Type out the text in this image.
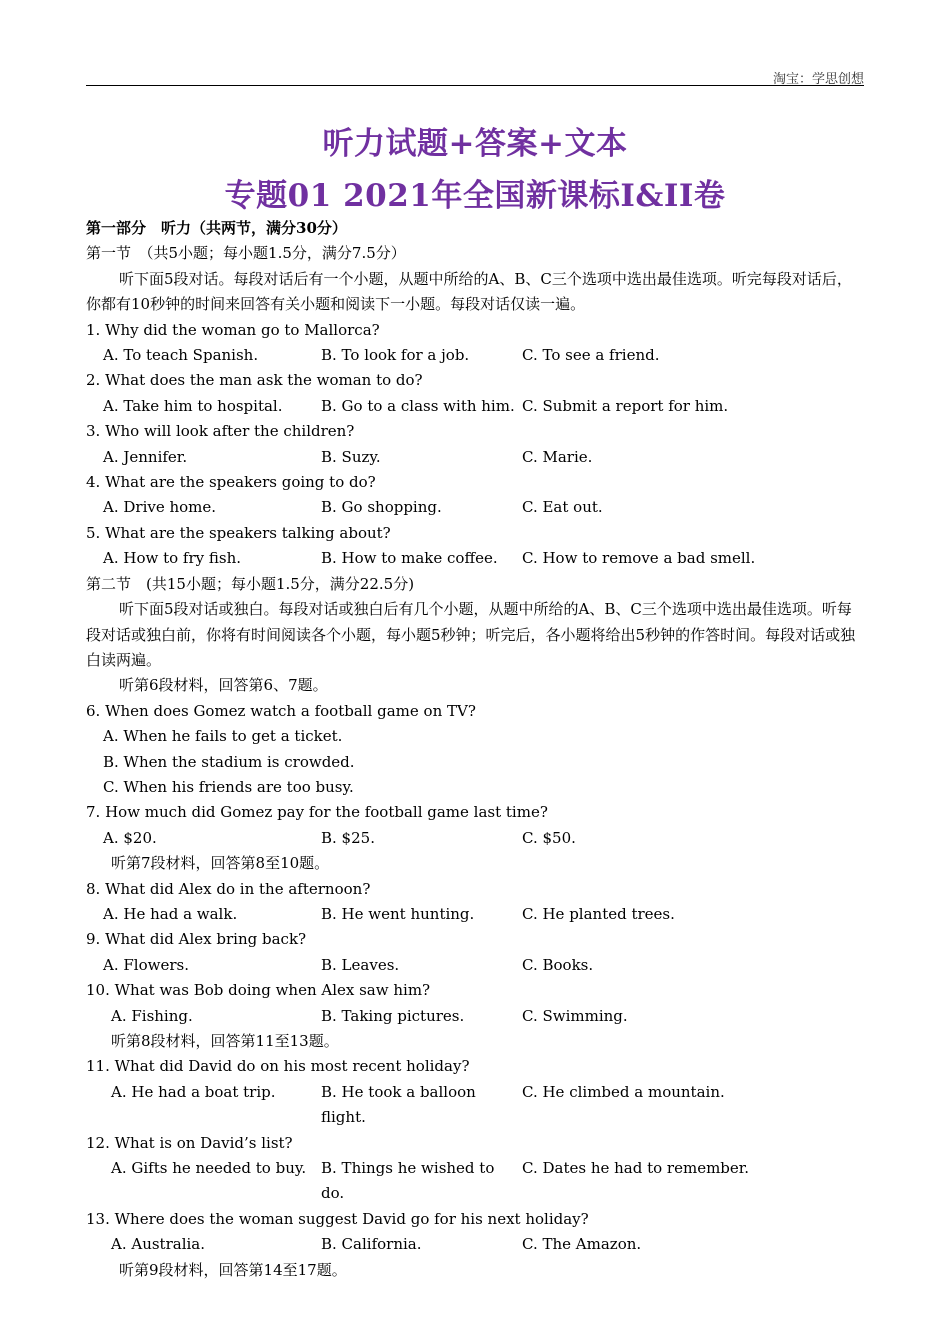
淘宝：学思创想
听力试题+答案+文本
专题01 2021年全国新课标I&II卷

第一部分　听力（共两节，满分30分）

第一节　（共5小题；每小题1.5分，满分7.5分）

听下面5段对话。每段对话后有一个小题，从题中所给的A、B、C三个选项中选出最佳选项。听完每段对话后，你都有10秒钟的时间来回答有关小题和阅读下一小题。每段对话仅读一遍。

1. Why did the woman go to Mallorca?

A. To teach Spanish.	B. To look for a job.	C. To see a friend.

2. What does the man ask the woman to do?

A. Take him to hospital.	B. Go to a class with him. C. Submit a report for him.

3. Who will look after the children?

A. Jennifer.	B. Suzy.	C. Marie.

4. What are the speakers going to do?

A. Drive home.	B. Go shopping.	C. Eat out.

5. What are the speakers talking about?

A. How to fry fish.	B. How to make coffee.	C. How to remove a bad smell.

第二节　(共15小题；每小题1.5分，满分22.5分)

听下面5段对话或独白。每段对话或独白后有几个小题，从题中所给的A、B、C三个选项中选出最佳选项。听每段对话或独白前，你将有时间阅读各个小题，每小题5秒钟；听完后，各小题将给出5秒钟的作答时间。每段对话或独白读两遍。

听第6段材料，回答第6、7题。

6. When does Gomez watch a football game on TV?

A. When he fails to get a ticket.

B. When the stadium is crowded.

C. When his friends are too busy.

7. How much did Gomez pay for the football game last time?

A. $20.	B. $25.	C. $50.

听第7段材料，回答第8至10题。

8. What did Alex do in the afternoon?

A. He had a walk.	B. He went hunting.	C. He planted trees.

9. What did Alex bring back?

A. Flowers.	B. Leaves.	C. Books.

10. What was Bob doing when Alex saw him?

A. Fishing.	B. Taking pictures.	C. Swimming.

听第8段材料，回答第11至13题。

11. What did David do on his most recent holiday?

A. He had a boat trip.	B. He took a balloon flight.
C. He climbed a mountain.

12. What is on David’s list?

A. Gifts he needed to buy. B. Things he wished to do.
C. Dates he had to remember.

13. Where does the woman suggest David go for his next holiday?

A. Australia.	B. California.	C. The Amazon.

听第9段材料，回答第14至17题。
